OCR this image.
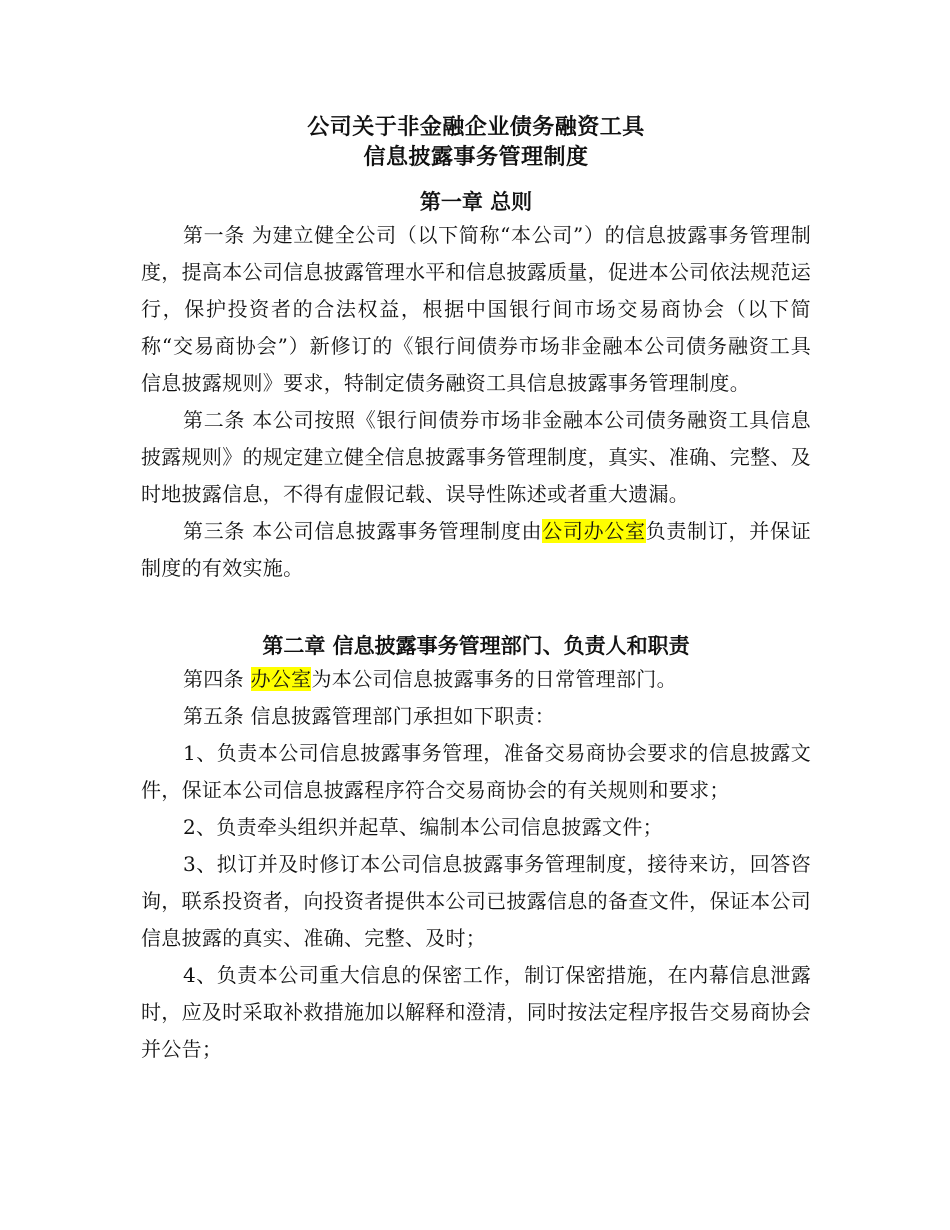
公司关于非金融企业债务融资工具

信息披露事务管理制度

第一章 总则

第一条 为建立健全公司（以下简称“本公司”）的信息披露事务管理制度，提高本公司信息披露管理水平和信息披露质量，促进本公司依法规范运行，保护投资者的合法权益，根据中国银行间市场交易商协会（以下简称“交易商协会”）新修订的《银行间债券市场非金融本公司债务融资工具信息披露规则》要求，特制定债务融资工具信息披露事务管理制度。

第二条 本公司按照《银行间债券市场非金融本公司债务融资工具信息披露规则》的规定建立健全信息披露事务管理制度，真实、准确、完整、及时地披露信息，不得有虚假记载、误导性陈述或者重大遗漏。

第三条 本公司信息披露事务管理制度由公司办公室负责制订，并保证制度的有效实施。

第二章 信息披露事务管理部门、负责人和职责

第四条 办公室为本公司信息披露事务的日常管理部门。

第五条 信息披露管理部门承担如下职责：

1、负责本公司信息披露事务管理，准备交易商协会要求的信息披露文件，保证本公司信息披露程序符合交易商协会的有关规则和要求；

2、负责牵头组织并起草、编制本公司信息披露文件；

3、拟订并及时修订本公司信息披露事务管理制度，接待来访，回答咨询，联系投资者，向投资者提供本公司已披露信息的备查文件，保证本公司信息披露的真实、准确、完整、及时；

4、负责本公司重大信息的保密工作，制订保密措施，在内幕信息泄露时，应及时采取补救措施加以解释和澄清，同时按法定程序报告交易商协会并公告；
